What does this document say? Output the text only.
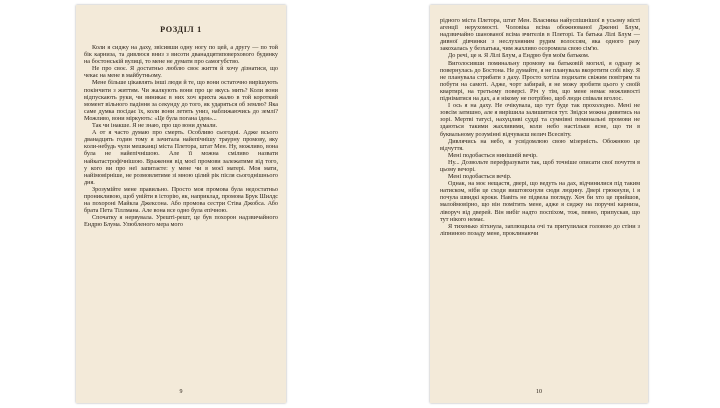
РОЗДІЛ 1

Коли я сиджу на даху, звісивши одну ногу по цей, а другу — по той бік карниза, та дивлюся вниз з висоти дванадцятиповерхового будинку на бостонській вулиці, то мене не думати про самогубство.

Не про своє. Я достатньо люблю своє життя й хочу дізнатися, що чекає на мене в майбутньому.

Мене більше цікавлять інші люди й те, що вони остаточно вирішують покінчити з життям. Чи жалкують вони про це якусь мить? Коли вони відпускають руки, чи виникає в них хоч крихта жалю в той короткий момент вільного падіння за секунду до того, як ударяться об землю? Яка саме думка посідає їх, коли вони летять униз, наближаючись до землі? Можливо, вони міркують: «Це була погана ідея»...

Так чи інакше. Я не знаю, про що вони думали.

А от я часто думаю про смерть. Особливо сьогодні. Адже всього дванадцять годин тому я зачитала найепічнішу траурну промову, яку коли-небудь чули мешканці міста Плетора, штат Мен. Ну, можливо, вона була не найепічнішою. Але її можна сміливо назвати найкатастрофічнішою. Враження від моєї промови залежатиме від того, у кого ви про неї запитаєте: у мене чи в моєї матері. Моя мати, найімовірніше, не розмовлятиме зі мною цілий рік після сьогоднішнього дня.

Зрозумійте мене правильно. Просто моя промова була недостатньо проникливою, щоб увійти в історію, як, наприклад, промова Брук Шилдс на похороні Майкла Джексона. Або промова сестри Стіва Джобса. Або брата Пета Тіллмана. Але вона все одно була епічною.

Спочатку я нервувала. Урешті-решт, це був похорон надзвичайного Ендрю Блума. Улюбленого мера мого

9

рідного міста Плетора, штат Мен. Власника найуспішнішої в усьому місті агенції нерухомості. Чоловіка всіма обожнюваної Дженні Блум, надзвичайно шанованої всіма вчителів в Плеторі. Та батька Лілі Блум — дивної дівчинки з неслухняним рудим волоссям, яка одного разу закохалась у безхатька, чим жахливо осоромила свою сім'ю.

До речі, це я. Я Лілі Блум, а Ендрю був моїм батьком.

Виголосивши поминальну промову на батьковій могилі, я одразу ж повернулась до Бостона. Не думайте, я не планувала вкоротити собі віку. Я не планувала стрибати з даху. Просто хотіла подихати свіжим повітрям та побути на самоті. Адже, чорт забирай, я не можу зробити цього у своїй квартирі, на третьому поверсі. Річ у тім, що мене немає можливості підніматися на дах, а я нікому не потрібно, щоб люди співали вголос.

І ось я на даху. Не очікувала, що тут буде так прохолодно. Мені не зовсім затишно, але я вирішила залишитися тут. Звідси можна дивитись на зорі. Мертві татусі, нахуцливі судді та сумнівні поминальні промови не здаються такими жахливими, коли небо настільки ясне, що ти в буквальному розумінні відчуваєш велич Всесвіту.

Дивлячись на небо, я усвідомлюю свою мізерність. Обожнюю це відчуття.

Мені подобається нинішній вечір.

Ну... Дозвольте перефразувати так, щоб точніше описати свої почуття в цьому вечорі.

Мені подобається вечір.

Однак, на моє нещастя, двері, що ведуть на дах, відчинилися під таким натиском, ніби це сходи виштовхнули сюди людину. Двері грюкнули, і я почула швидкі кроки. Навіть не підвела погляду. Хоч би хто це прийшов, малоймовірно, що він помітить мене, адже я сиджу на поручні карниза, ліворуч від дверей. Він вибіг надто поспіхом, тож, певно, припускав, що тут нікого немає.

Я тихенько зітхнула, заплющила очі та притулилася головою до стіни з ліпниною позаду мене, проклинаючи

10
